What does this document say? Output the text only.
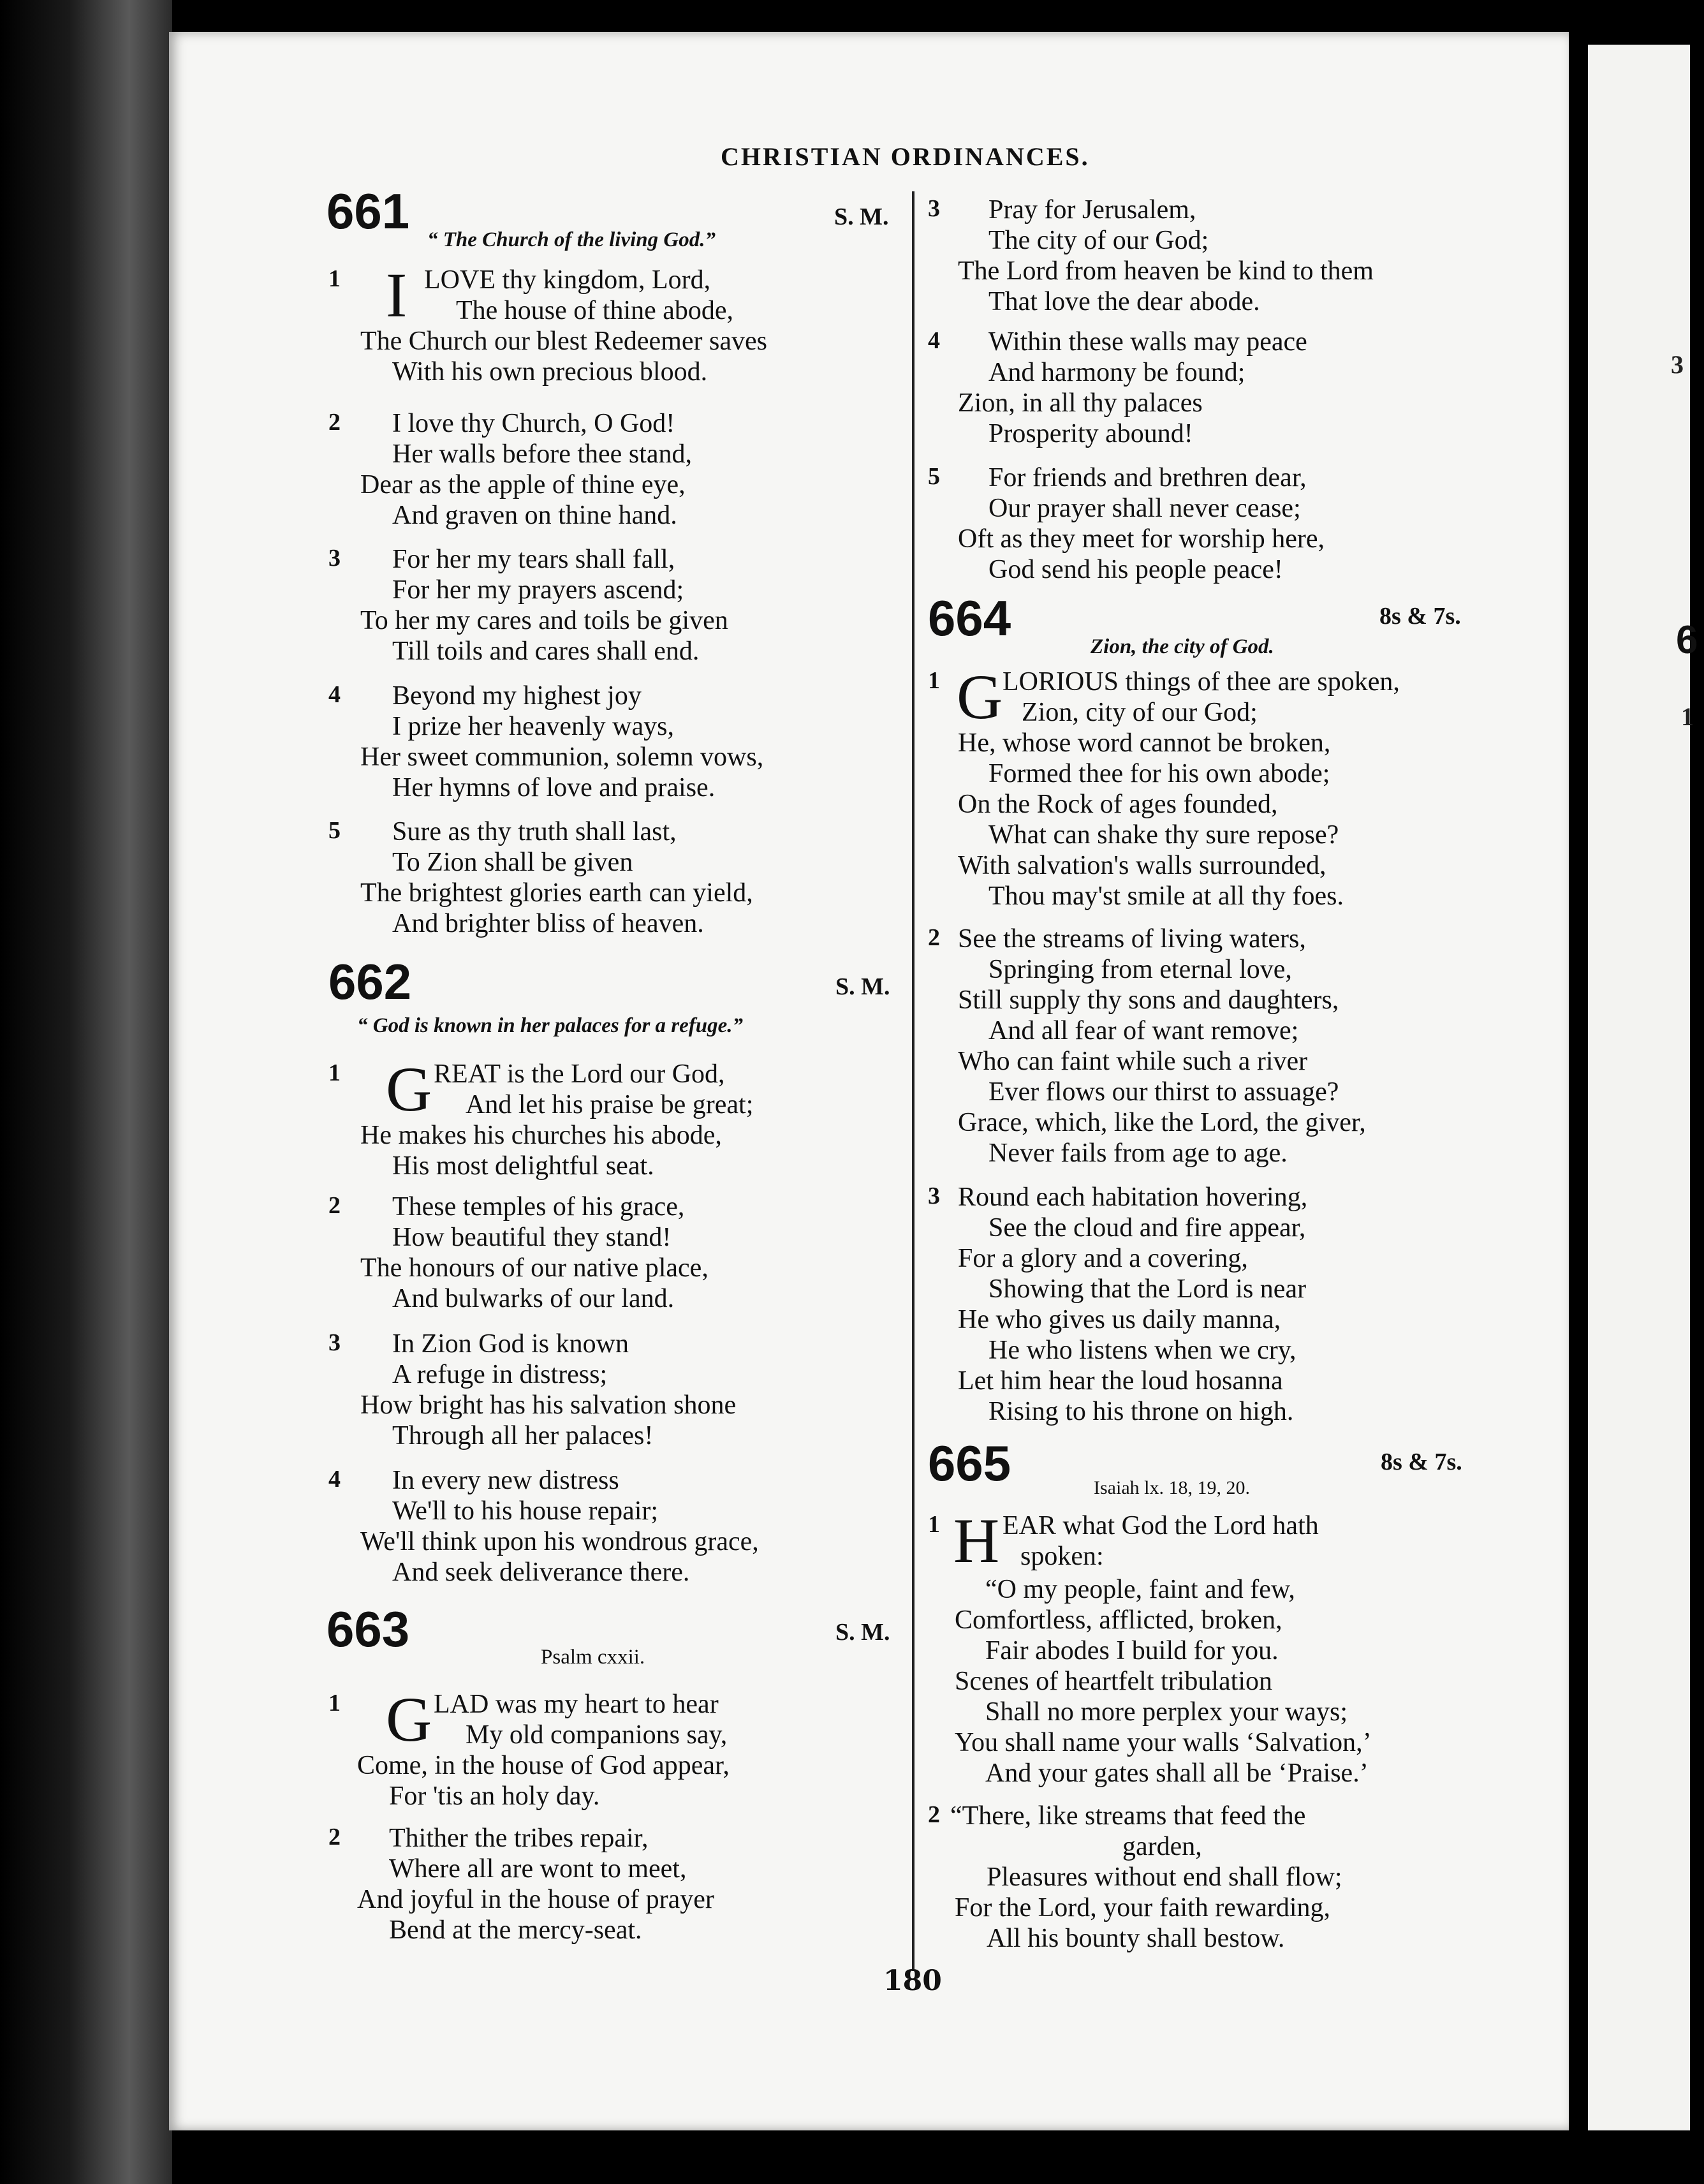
3
6
1
CHRISTIAN ORDINANCES.
661	S. M.
“ The Church of the living God.”
1 I LOVE thy kingdom, Lord,
The house of thine abode,
The Church our blest Redeemer saves
With his own precious blood.
2 I love thy Church, O God!
Her walls before thee stand,
Dear as the apple of thine eye,
And graven on thine hand.
3 For her my tears shall fall,
For her my prayers ascend;
To her my cares and toils be given
Till toils and cares shall end.
4 Beyond my highest joy
I prize her heavenly ways,
Her sweet communion, solemn vows,
Her hymns of love and praise.
5 Sure as thy truth shall last,
To Zion shall be given
The brightest glories earth can yield,
And brighter bliss of heaven.
662	S. M.
“ God is known in her palaces for a refuge.”
1 G REAT is the Lord our God,
And let his praise be great;
He makes his churches his abode,
His most delightful seat.
2 These temples of his grace,
How beautiful they stand!
The honours of our native place,
And bulwarks of our land.
3 In Zion God is known
A refuge in distress;
How bright has his salvation shone
Through all her palaces!
4 In every new distress
We'll to his house repair;
We'll think upon his wondrous grace,
And seek deliverance there.
663	S. M.
Psalm cxxii.
1 G LAD was my heart to hear
My old companions say,
Come, in the house of God appear,
For 'tis an holy day.
2 Thither the tribes repair,
Where all are wont to meet,
And joyful in the house of prayer
Bend at the mercy-seat.
3 Pray for Jerusalem,
The city of our God;
The Lord from heaven be kind to them
That love the dear abode.
4 Within these walls may peace
And harmony be found;
Zion, in all thy palaces
Prosperity abound!
5 For friends and brethren dear,
Our prayer shall never cease;
Oft as they meet for worship here,
God send his people peace!
664	8s & 7s.
Zion, the city of God.
1 G LORIOUS things of thee are spoken,
Zion, city of our God;
He, whose word cannot be broken,
Formed thee for his own abode;
On the Rock of ages founded,
What can shake thy sure repose?
With salvation's walls surrounded,
Thou may'st smile at all thy foes.
2 See the streams of living waters,
Springing from eternal love,
Still supply thy sons and daughters,
And all fear of want remove;
Who can faint while such a river
Ever flows our thirst to assuage?
Grace, which, like the Lord, the giver,
Never fails from age to age.
3 Round each habitation hovering,
See the cloud and fire appear,
For a glory and a covering,
Showing that the Lord is near
He who gives us daily manna,
He who listens when we cry,
Let him hear the loud hosanna
Rising to his throne on high.
665	8s & 7s.
Isaiah lx. 18, 19, 20.
1 H EAR what God the Lord hath
spoken:
“O my people, faint and few,
Comfortless, afflicted, broken,
Fair abodes I build for you.
Scenes of heartfelt tribulation
Shall no more perplex your ways;
You shall name your walls ‘Salvation,’
And your gates shall all be ‘Praise.’
2 “There, like streams that feed the
garden,
Pleasures without end shall flow;
For the Lord, your faith rewarding,
All his bounty shall bestow.
180
